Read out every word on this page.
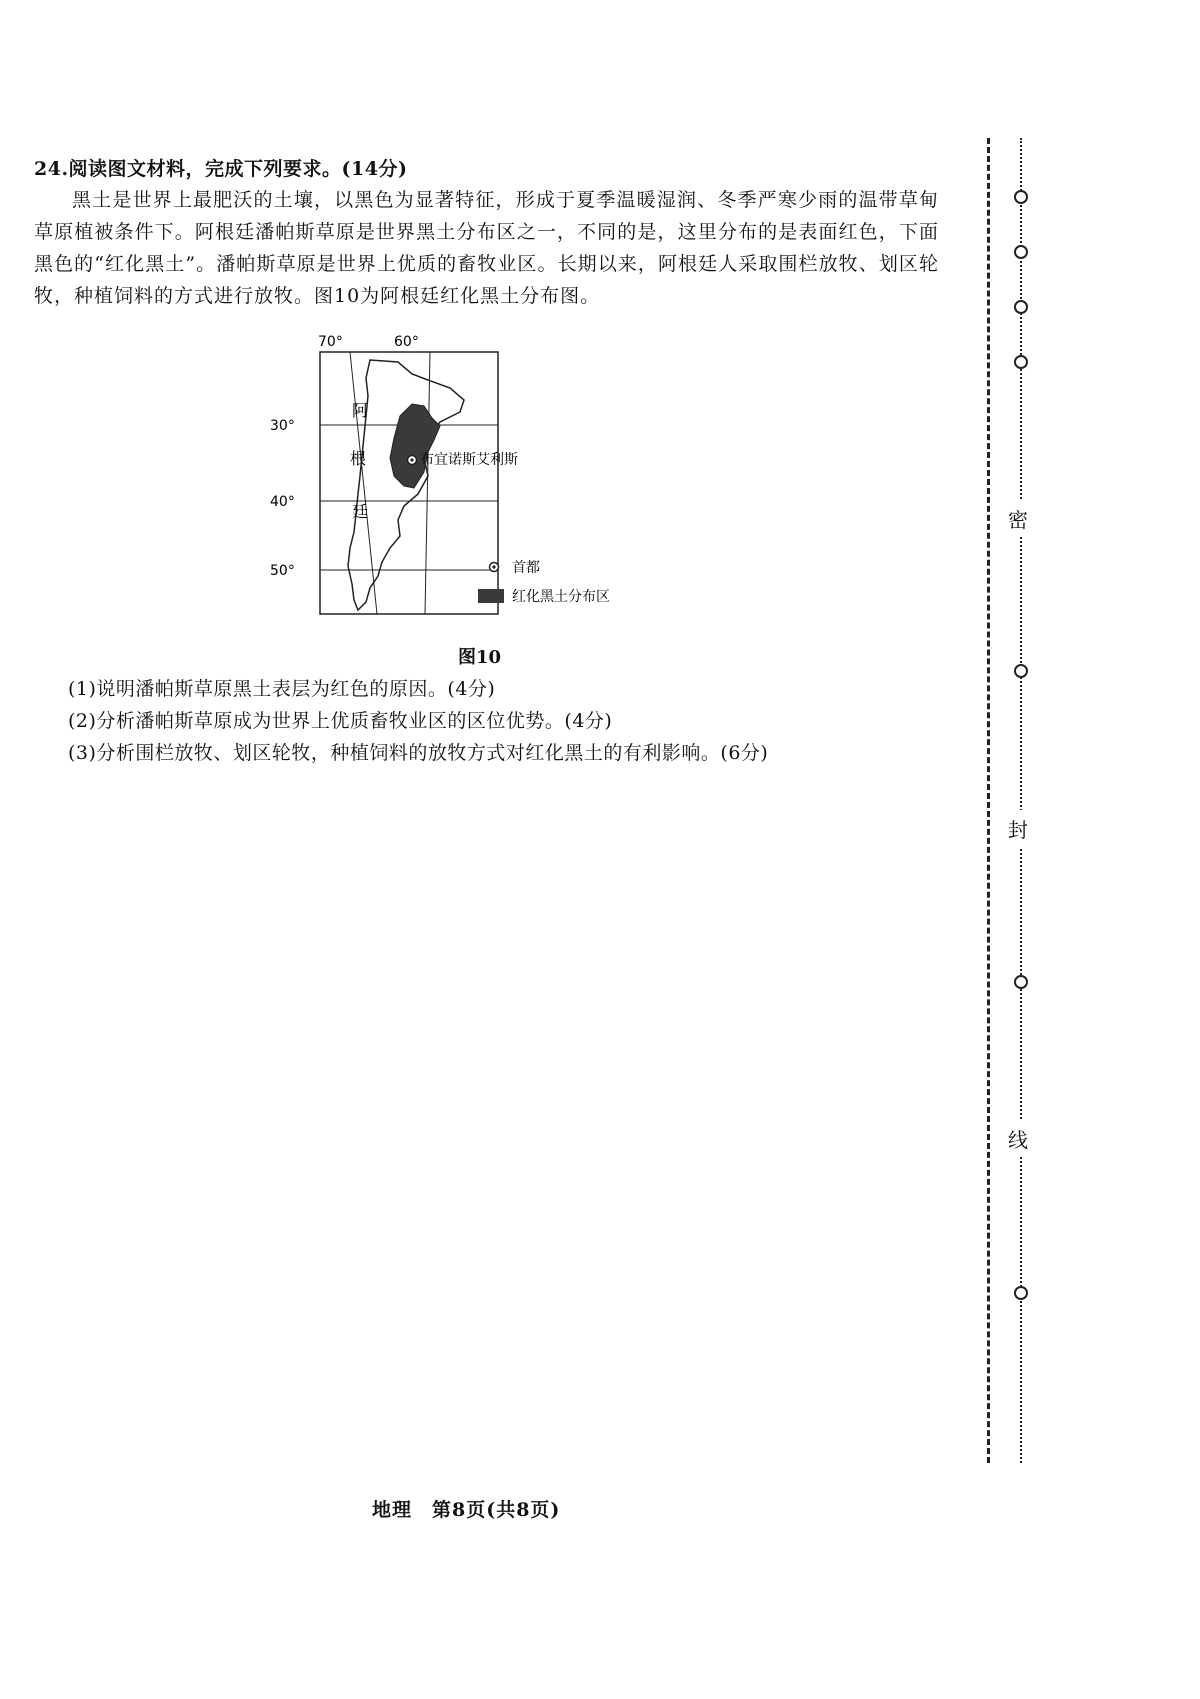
24.阅读图文材料，完成下列要求。(14分)
黑土是世界上最肥沃的土壤，以黑色为显著特征，形成于夏季温暖湿润、冬季严寒少雨的温带草甸草原植被条件下。阿根廷潘帕斯草原是世界黑土分布区之一，不同的是，这里分布的是表面红色，下面黑色的“红化黑土”。潘帕斯草原是世界上优质的畜牧业区。长期以来，阿根廷人采取围栏放牧、划区轮牧，种植饲料的方式进行放牧。图10为阿根廷红化黑土分布图。
70°	60°
30°
40°
50°
阿
根
廷
布宜诺斯艾利斯
首都
红化黑土分布区
图10
(1)说明潘帕斯草原黑土表层为红色的原因。(4分)
(2)分析潘帕斯草原成为世界上优质畜牧业区的区位优势。(4分)
(3)分析围栏放牧、划区轮牧，种植饲料的放牧方式对红化黑土的有利影响。(6分)
密
封
线
地理　第8页(共8页)
